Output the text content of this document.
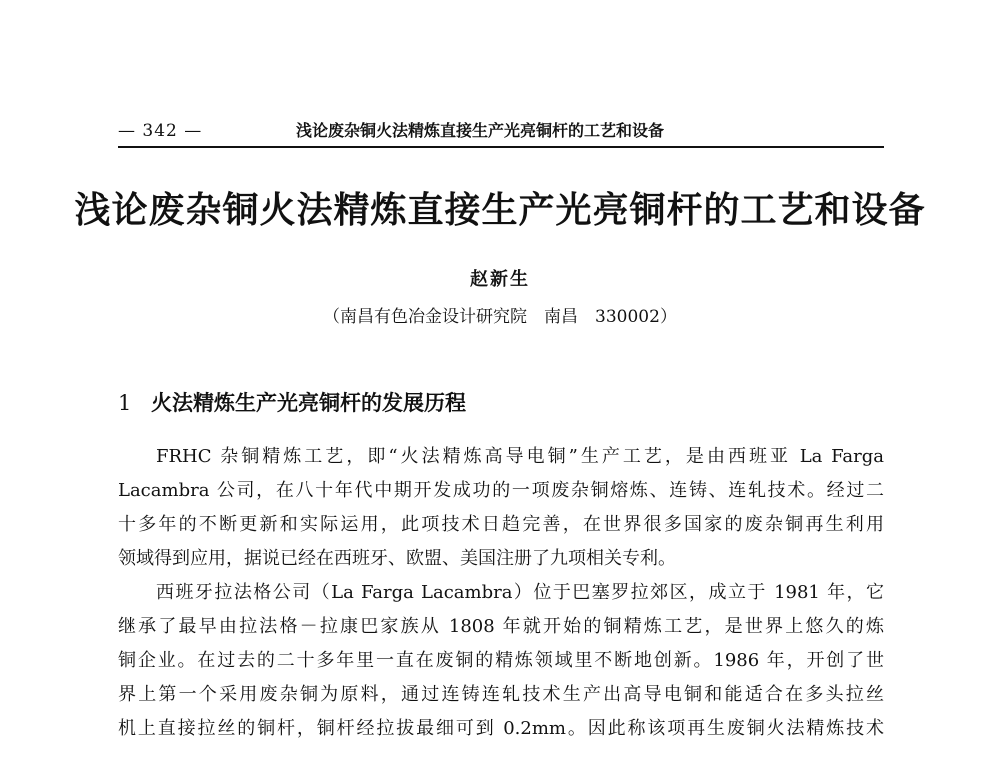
— 342 —	浅论废杂铜火法精炼直接生产光亮铜杆的工艺和设备
浅论废杂铜火法精炼直接生产光亮铜杆的工艺和设备
赵新生
（南昌有色冶金设计研究院　南昌　330002）
1 火法精炼生产光亮铜杆的发展历程
FRHC 杂铜精炼工艺，即“火法精炼高导电铜”生产工艺，是由西班亚 La Farga
Lacambra 公司，在八十年代中期开发成功的一项废杂铜熔炼、连铸、连轧技术。经过二
十多年的不断更新和实际运用，此项技术日趋完善，在世界很多国家的废杂铜再生利用
领域得到应用，据说已经在西班牙、欧盟、美国注册了九项相关专利。
西班牙拉法格公司（La Farga Lacambra）位于巴塞罗拉郊区，成立于 1981 年，它
继承了最早由拉法格－拉康巴家族从 1808 年就开始的铜精炼工艺，是世界上悠久的炼
铜企业。在过去的二十多年里一直在废铜的精炼领域里不断地创新。1986 年，开创了世
界上第一个采用废杂铜为原料，通过连铸连轧技术生产出高导电铜和能适合在多头拉丝
机上直接拉丝的铜杆，铜杆经拉拔最细可到 0.2mm。因此称该项再生废铜火法精炼技术
